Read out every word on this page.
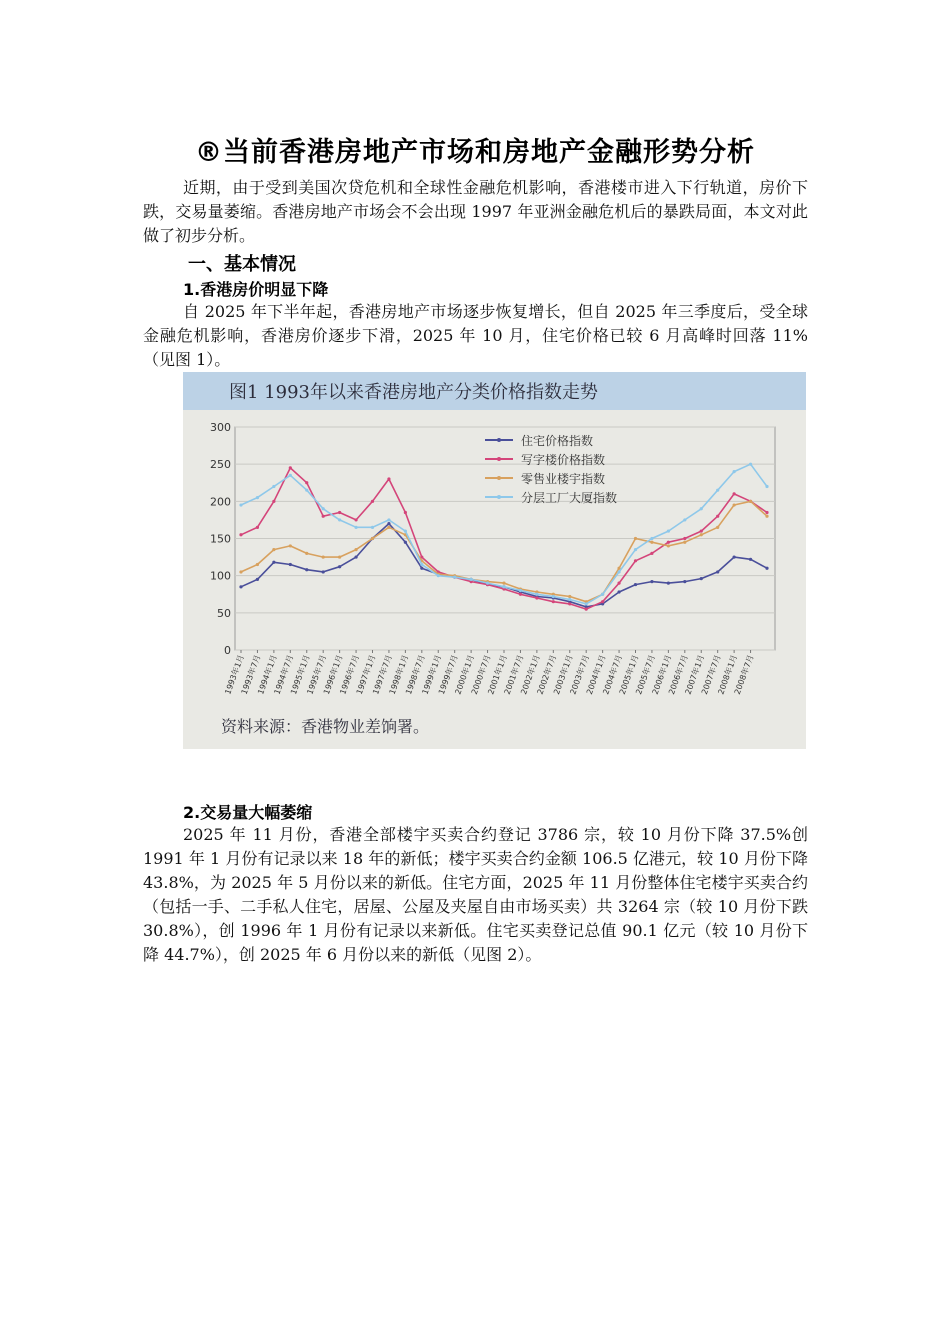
®当前香港房地产市场和房地产金融形势分析

近期，由于受到美国次贷危机和全球性金融危机影响，香港楼市进入下行轨道，房价下跌，交易量萎缩。香港房地产市场会不会出现 1997 年亚洲金融危机后的暴跌局面，本文对此做了初步分析。

一、基本情况
1.香港房价明显下降

自 2025 年下半年起，香港房地产市场逐步恢复增长，但自 2025 年三季度后，受全球金融危机影响，香港房价逐步下滑，2025 年 10 月，住宅价格已较 6 月高峰时回落 11%（见图 1）。

图1 1993年以来香港房地产分类价格指数走势
0
50
100
150
200
250
300
1993年1月
1993年7月
1994年1月
1994年7月
1995年1月
1995年7月
1996年1月
1996年7月
1997年1月
1997年7月
1998年1月
1998年7月
1999年1月
1999年7月
2000年1月
2000年7月
2001年1月
2001年7月
2002年1月
2002年7月
2003年1月
2003年7月
2004年1月
2004年7月
2005年1月
2005年7月
2006年1月
2006年7月
2007年1月
2007年7月
2008年1月
2008年7月
住宅价格指数
写字楼价格指数
零售业楼宇指数
分层工厂大厦指数
资料来源：香港物业差饷署。
2.交易量大幅萎缩

2025 年 11 月份，香港全部楼宇买卖合约登记 3786 宗，较 10 月份下降 37.5%创 1991 年 1 月份有记录以来 18 年的新低；楼宇买卖合约金额 106.5 亿港元，较 10 月份下降 43.8%，为 2025 年 5 月份以来的新低。住宅方面，2025 年 11 月份整体住宅楼宇买卖合约（包括一手、二手私人住宅，居屋、公屋及夹屋自由市场买卖）共 3264 宗（较 10 月份下跌 30.8%），创 1996 年 1 月份有记录以来新低。住宅买卖登记总值 90.1 亿元（较 10 月份下降 44.7%），创 2025 年 6 月份以来的新低（见图 2）。
